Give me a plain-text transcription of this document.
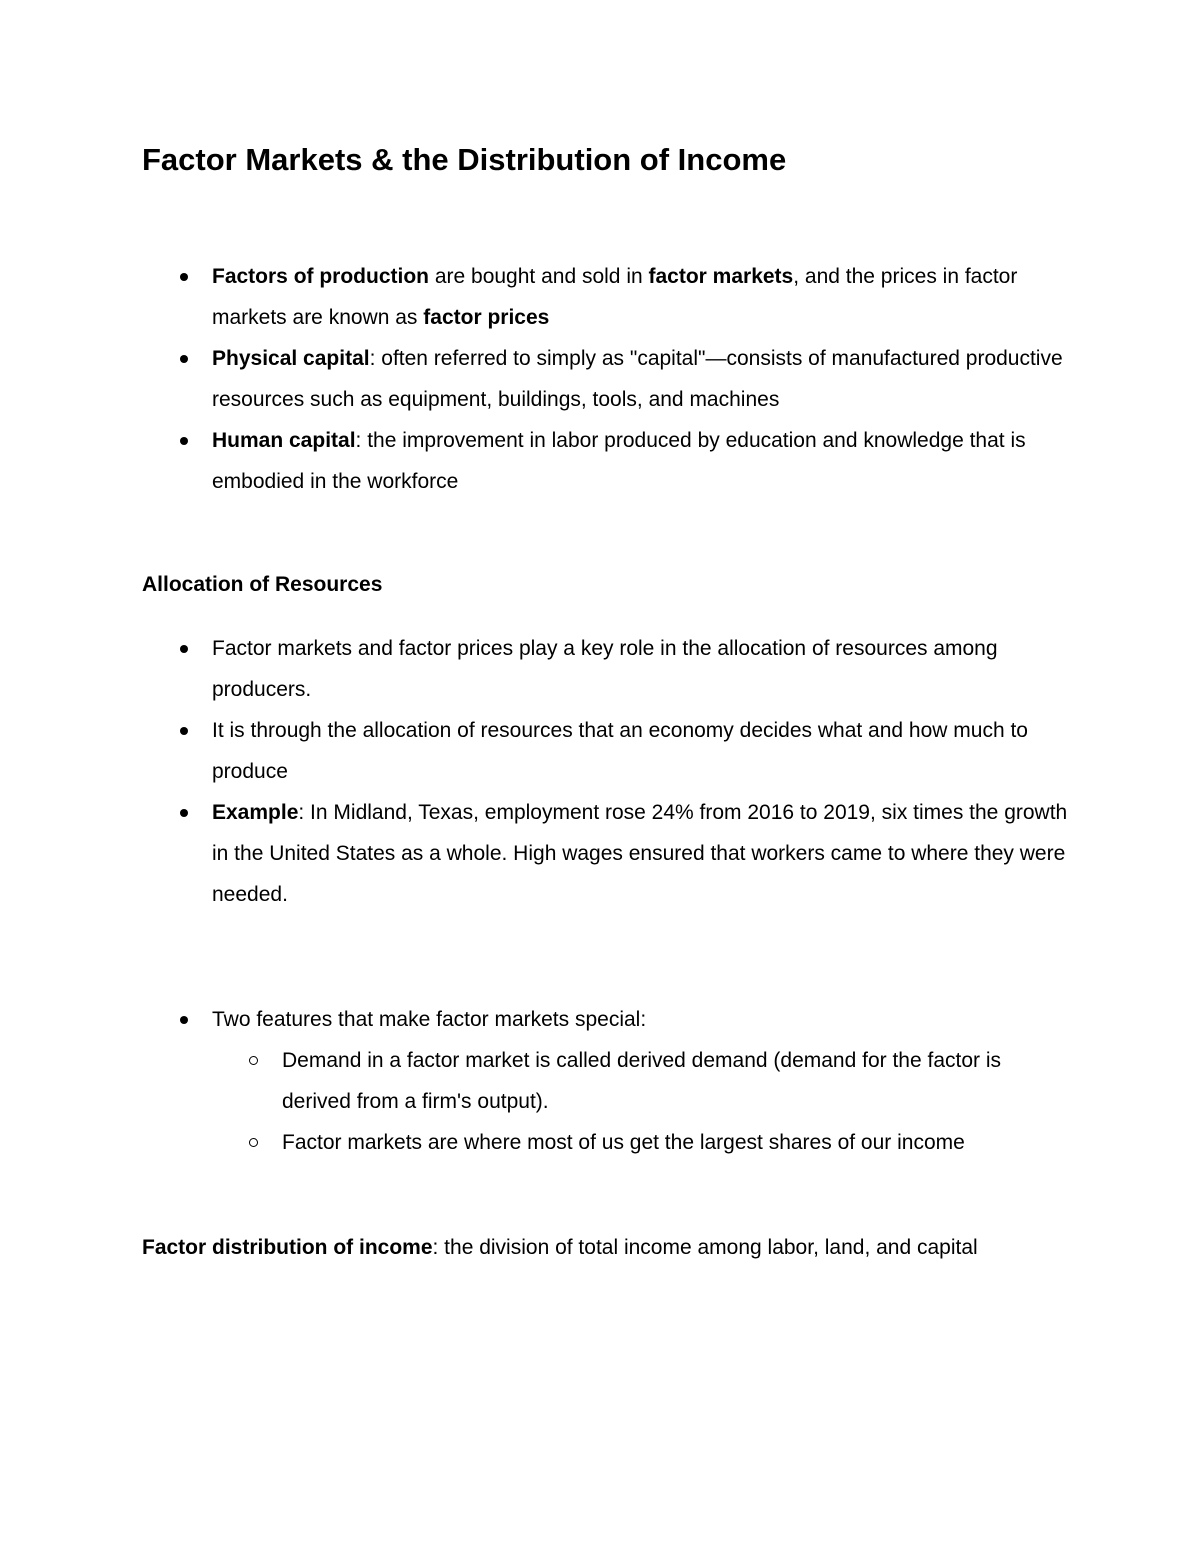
Factor Markets & the Distribution of Income
Factors of production are bought and sold in factor markets, and the prices in factor markets are known as factor prices
Physical capital: often referred to simply as "capital"—consists of manufactured productive resources such as equipment, buildings, tools, and machines
Human capital: the improvement in labor produced by education and knowledge that is embodied in the workforce
Allocation of Resources
Factor markets and factor prices play a key role in the allocation of resources among producers.
It is through the allocation of resources that an economy decides what and how much to produce
Example: In Midland, Texas, employment rose 24% from 2016 to 2019, six times the growth in the United States as a whole. High wages ensured that workers came to where they were needed.
Two features that make factor markets special:
Demand in a factor market is called derived demand (demand for the factor is derived from a firm's output).
Factor markets are where most of us get the largest shares of our income

Factor distribution of income: the division of total income among labor, land, and capital
